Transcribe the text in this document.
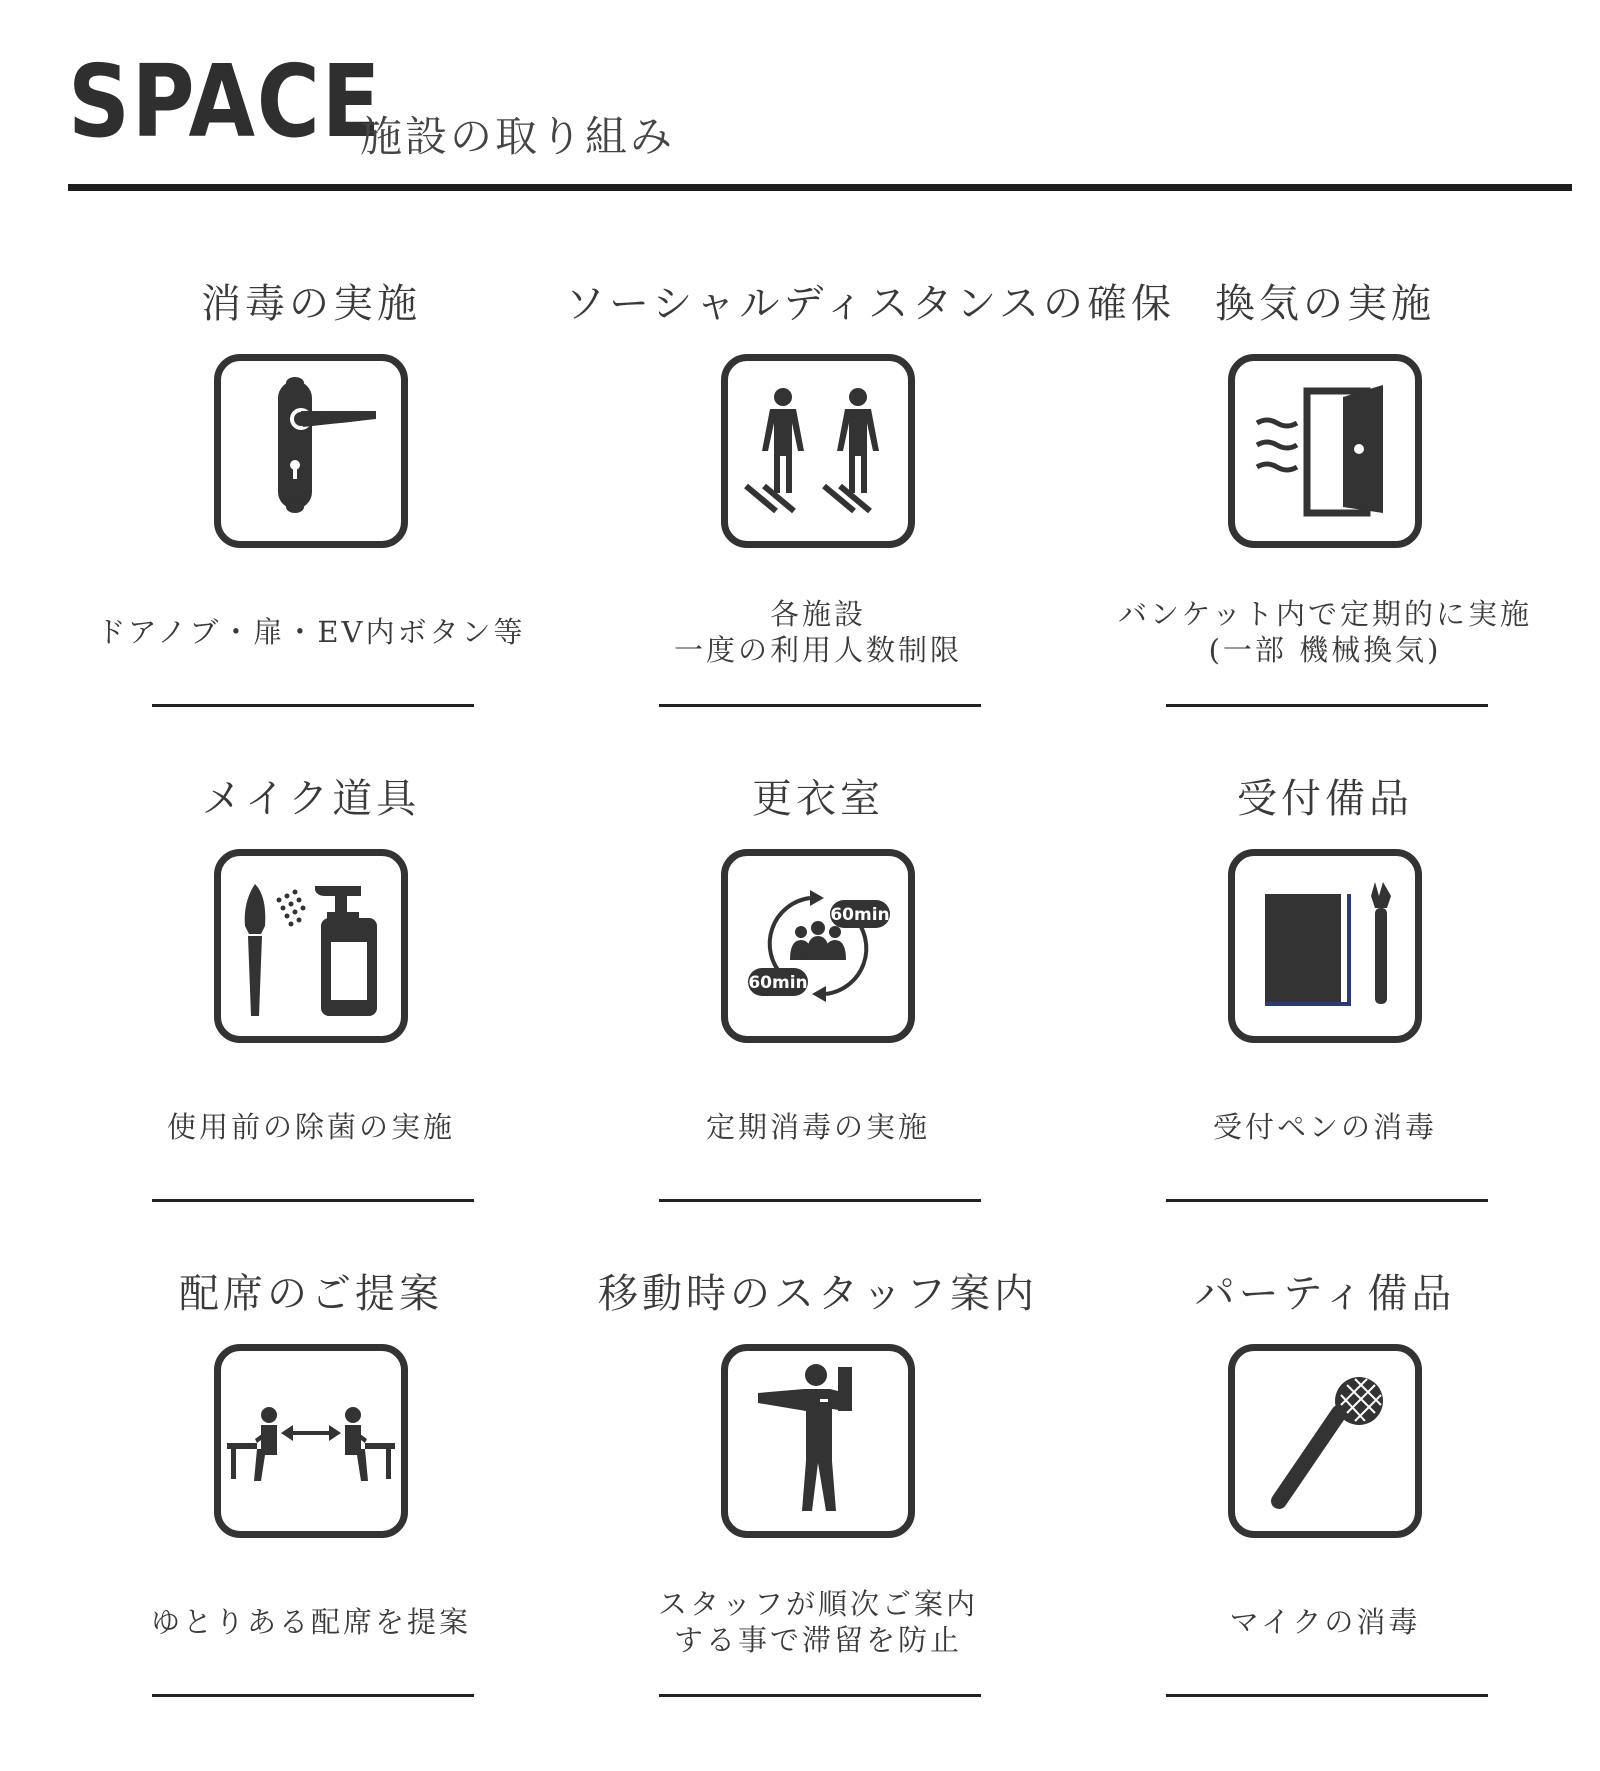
SPACE
施設の取り組み
消毒の実施
ドアノブ・扉・EV内ボタン等
ソーシャルディスタンスの確保
各施設
一度の利用人数制限
換気の実施
バンケット内で定期的に実施
(一部 機械換気)
メイク道具
使用前の除菌の実施
更衣室
60min
60min
定期消毒の実施
受付備品
受付ペンの消毒
配席のご提案
ゆとりある配席を提案
移動時のスタッフ案内
スタッフが順次ご案内
する事で滞留を防止
パーティ備品
マイクの消毒
